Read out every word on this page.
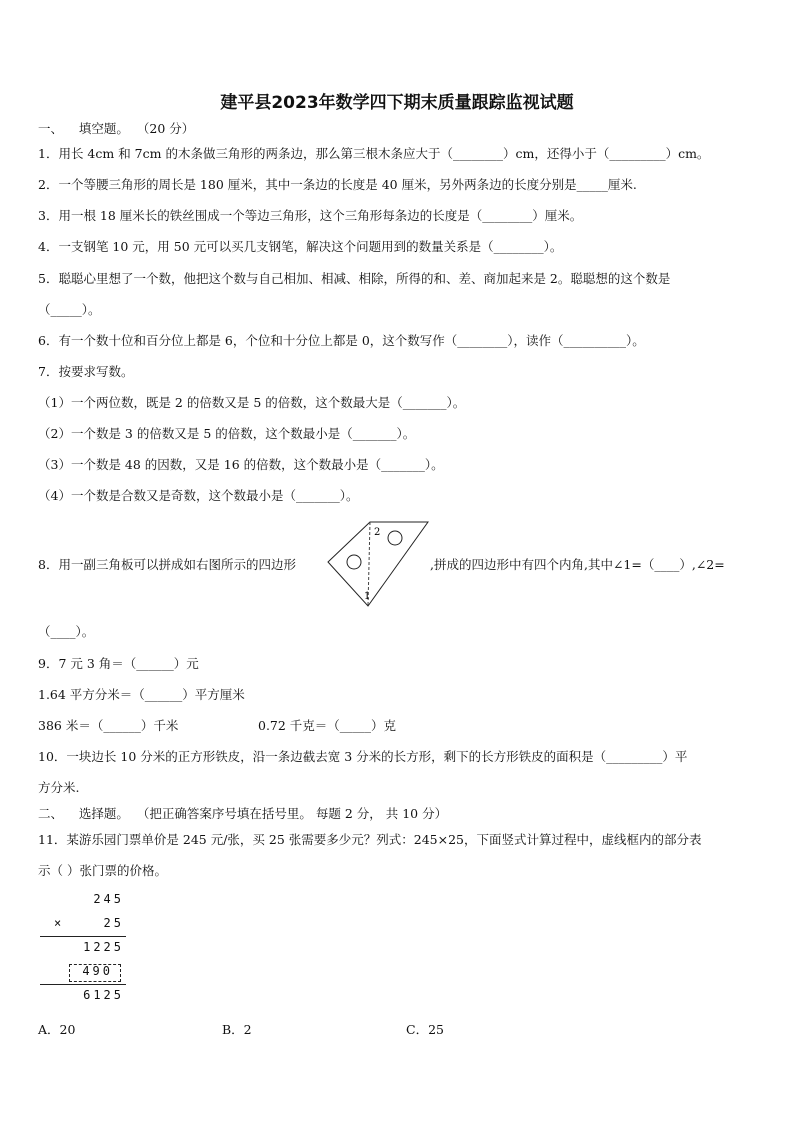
建平县2023年数学四下期末质量跟踪监视试题
一、 填空题。 （20 分）
1．用长 4cm 和 7cm 的木条做三角形的两条边，那么第三根木条应大于（________）cm，还得小于（_________）cm。
2．一个等腰三角形的周长是 180 厘米，其中一条边的长度是 40 厘米，另外两条边的长度分别是_____厘米.
3．用一根 18 厘米长的铁丝围成一个等边三角形，这个三角形每条边的长度是（________）厘米。
4．一支钢笔 10 元，用 50 元可以买几支钢笔，解决这个问题用到的数量关系是（________）。
5．聪聪心里想了一个数，他把这个数与自己相加、相减、相除，所得的和、差、商加起来是 2。聪聪想的这个数是
（_____）。
6．有一个数十位和百分位上都是 6，个位和十分位上都是 0，这个数写作（________），读作（__________）。
7．按要求写数。
（1）一个两位数，既是 2 的倍数又是 5 的倍数，这个数最大是（_______）。
（2）一个数是 3 的倍数又是 5 的倍数，这个数最小是（_______）。
（3）一个数是 48 的因数，又是 16 的倍数，这个数最小是（_______）。
（4）一个数是合数又是奇数，这个数最小是（_______）。
8．用一副三角板可以拼成如右图所示的四边形
2
1
,拼成的四边形中有四个内角,其中∠1=（____）,∠2=
（____）。
9．7 元 3 角＝（______）元
1.64 平方分米＝（______）平方厘米
386 米＝（______）千米	0.72 千克＝（_____）克
10．一块边长 10 分米的正方形铁皮，沿一条边截去宽 3 分米的长方形，剩下的长方形铁皮的面积是（_________）平
方分米.
二、 选择题。 （把正确答案序号填在括号里。 每题 2 分， 共 10 分）
11．某游乐园门票单价是 245 元/张，买 25 张需要多少元？列式：245×25，下面竖式计算过程中，虚线框内的部分表
示（ ）张门票的价格。
245
×	25
1225
490
6125
A．20	B．2	C．25
